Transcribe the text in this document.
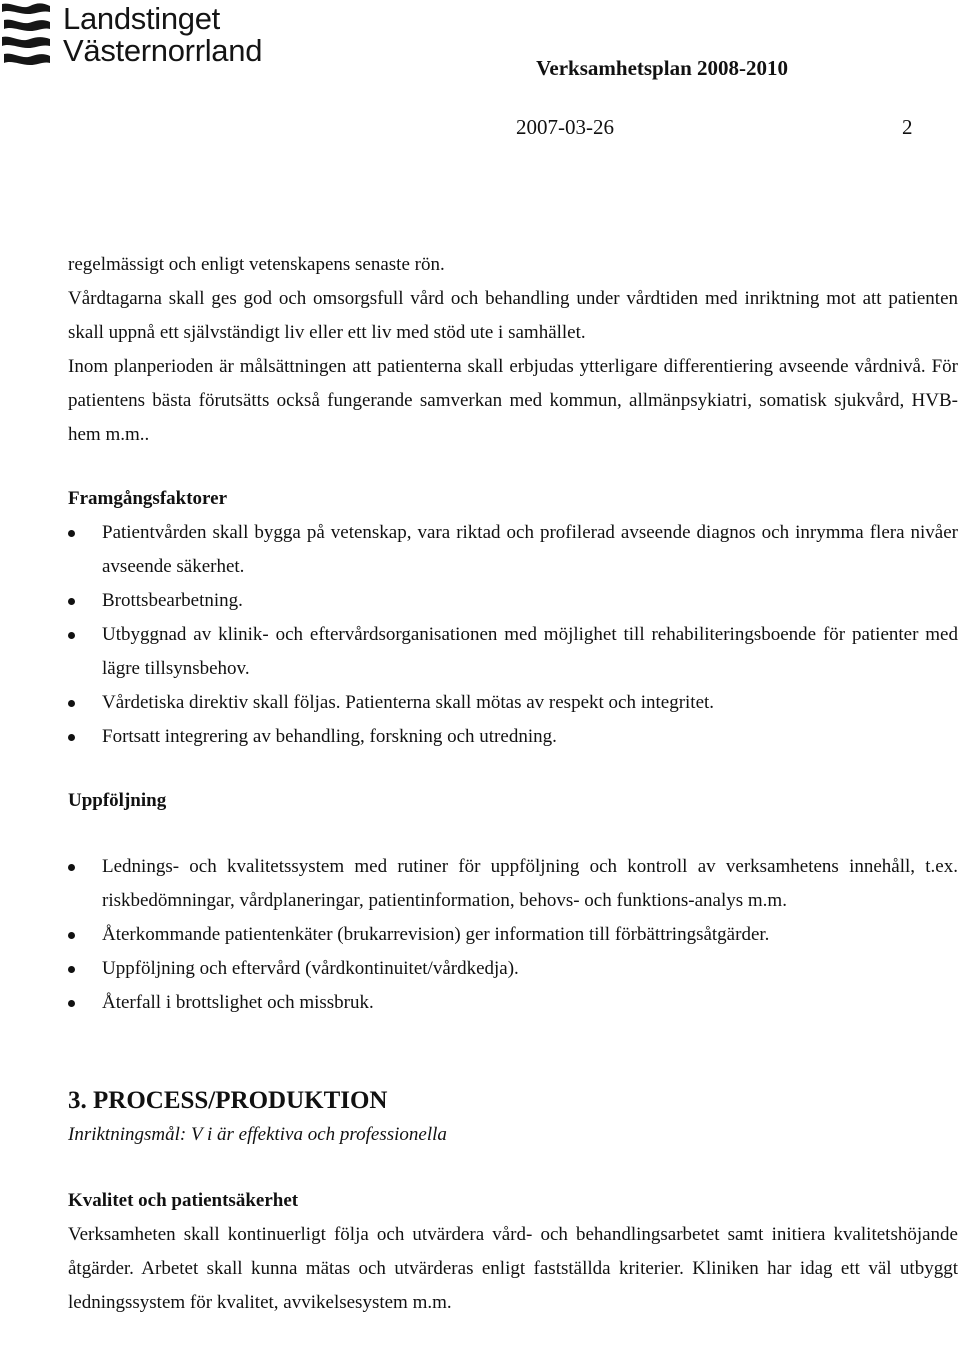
Landstinget
Västernorrland	Verksamhetsplan 2008-2010
2007-03-26	2

regelmässigt och enligt vetenskapens senaste rön.

Vårdtagarna skall ges god och omsorgsfull vård och behandling under vårdtiden med inriktning mot att patienten skall uppnå ett självständigt liv eller ett liv med stöd ute i samhället.

Inom planperioden är målsättningen att patienterna skall erbjudas ytterligare differentiering avseende vårdnivå. För patientens bästa förutsätts också fungerande samverkan med kommun, allmänpsykiatri, somatisk sjukvård, HVB-hem m.m..

Framgångsfaktorer

Patientvården skall bygga på vetenskap, vara riktad och profilerad avseende diagnos och inrymma flera nivåer avseende säkerhet.
Brottsbearbetning.
Utbyggnad av klinik- och eftervårdsorganisationen med möjlighet till rehabiliteringsboende för patienter med lägre tillsynsbehov.
Vårdetiska direktiv skall följas. Patienterna skall mötas av respekt och integritet.
Fortsatt integrering av behandling, forskning och utredning.

Uppföljning

Lednings- och kvalitetssystem med rutiner för uppföljning och kontroll av verksamhetens innehåll, t.ex. riskbedömningar, vårdplaneringar, patientinformation, behovs- och funktions-analys m.m.
Återkommande patientenkäter (brukarrevision) ger information till förbättringsåtgärder.
Uppföljning och eftervård (vårdkontinuitet/vårdkedja).
Återfall i brottslighet och missbruk.

3. PROCESS/PRODUKTION

Inriktningsmål: V i är effektiva och professionella

Kvalitet och patientsäkerhet

Verksamheten skall kontinuerligt följa och utvärdera vård- och behandlingsarbetet samt initiera kvalitetshöjande åtgärder. Arbetet skall kunna mätas och utvärderas enligt fastställda kriterier. Kliniken har idag ett väl utbyggt ledningssystem för kvalitet, avvikelsesystem m.m.
